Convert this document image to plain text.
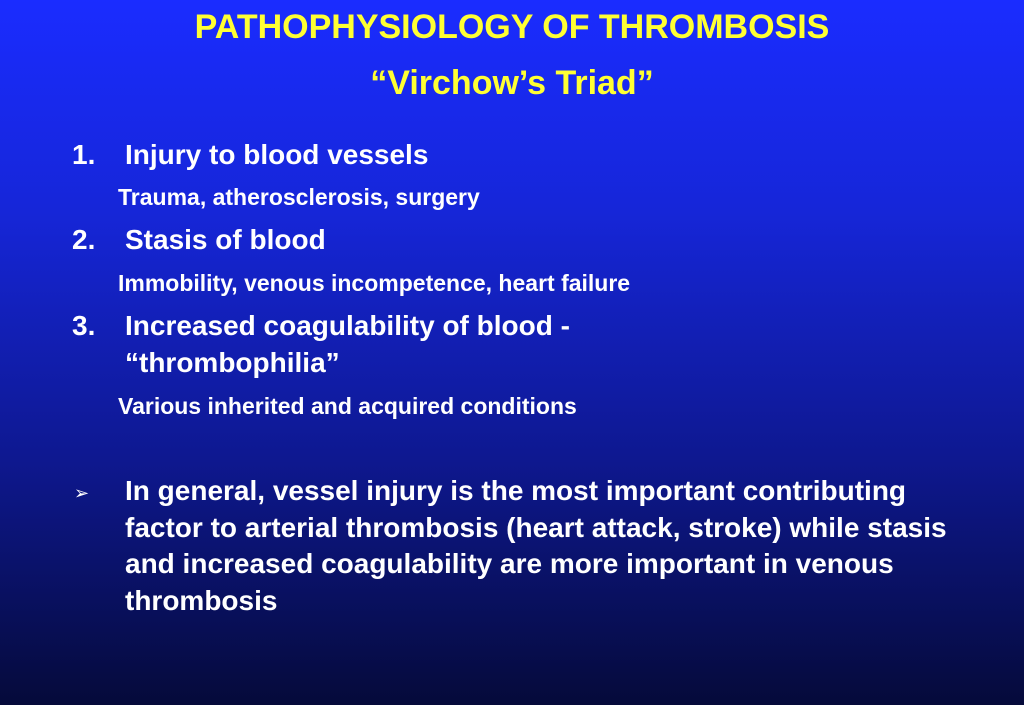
PATHOPHYSIOLOGY OF THROMBOSIS
“Virchow’s Triad”
1. Injury to blood vessels
Trauma, atherosclerosis, surgery
2. Stasis of blood
Immobility, venous incompetence, heart failure
3. Increased coagulability of blood -
“thrombophilia”
Various inherited and acquired conditions
➢ In general, vessel injury is the most important contributing factor to arterial thrombosis (heart attack, stroke) while stasis and increased coagulability are more important in venous thrombosis
